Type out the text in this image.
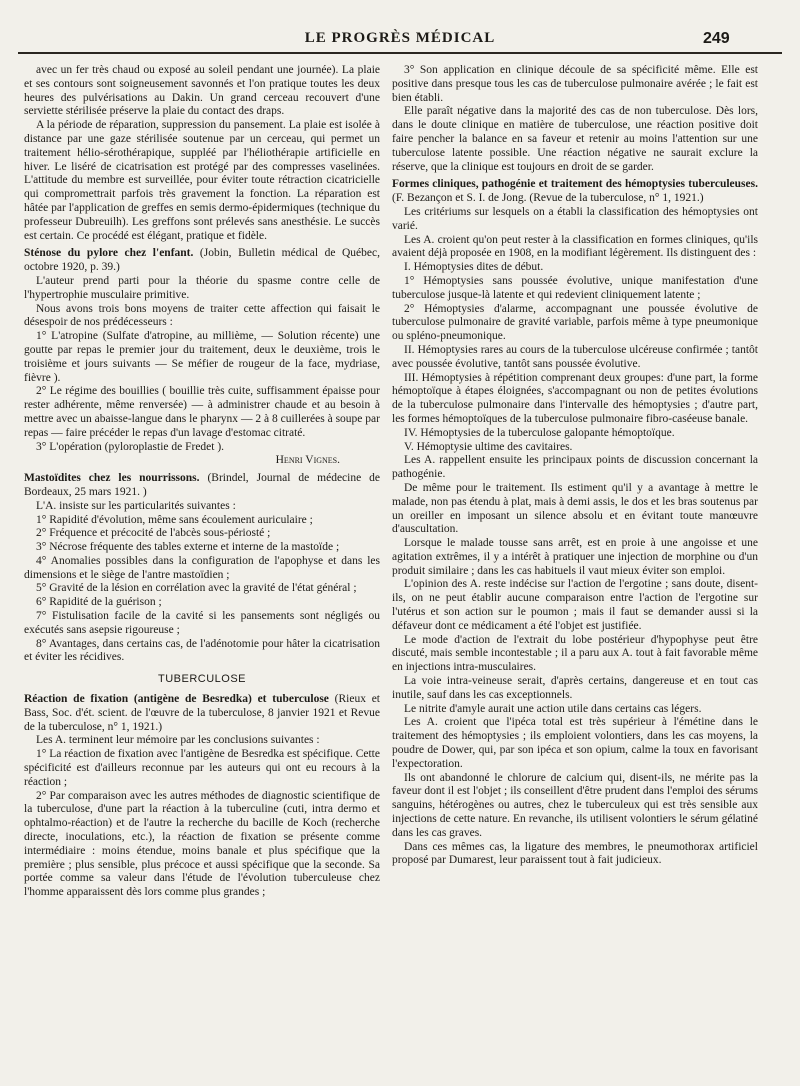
LE PROGRÈS MÉDICAL	249

avec un fer très chaud ou exposé au soleil pendant une journée). La plaie et ses contours sont soigneusement savonnés et l'on pratique toutes les deux heures des pulvérisations au Dakin. Un grand cerceau recouvert d'une serviette stérilisée préserve la plaie du contact des draps.

A la période de réparation, suppression du pansement. La plaie est isolée à distance par une gaze stérilisée soutenue par un cerceau, qui permet un traitement hélio-sérothérapique, suppléé par l'héliothérapie artificielle en hiver. Le liséré de cicatrisation est protégé par des compresses vaselinées. L'attitude du membre est surveillée, pour éviter toute rétraction cicatricielle qui compromettrait parfois très gravement la fonction. La réparation est hâtée par l'application de greffes en semis dermo-épidermiques (technique du professeur Dubreuilh). Les greffons sont prélevés sans anesthésie. Le succès est certain. Ce procédé est élégant, pratique et fidèle.

Sténose du pylore chez l'enfant. (Jobin, Bulletin médical de Québec, octobre 1920, p. 39.)

L'auteur prend parti pour la théorie du spasme contre celle de l'hypertrophie musculaire primitive.

Nous avons trois bons moyens de traiter cette affection qui faisait le désespoir de nos prédécesseurs :

1° L'atropine (Sulfate d'atropine, au millième, — Solution récente) une goutte par repas le premier jour du traitement, deux le deuxième, trois le troisième et jours suivants — Se méfier de rougeur de la face, mydriase, fièvre ).

2° Le régime des bouillies ( bouillie très cuite, suffisamment épaisse pour rester adhérente, même renversée) — à administrer chaude et au besoin à mettre avec un abaisse-langue dans le pharynx — 2 à 8 cuillerées à soupe par repas — faire précéder le repas d'un lavage d'estomac citraté.

3° L'opération (pyloroplastie de Fredet ).

Henri Vignes.

Mastoïdites chez les nourrissons. (Brindel, Journal de médecine de Bordeaux, 25 mars 1921. )

L'A. insiste sur les particularités suivantes :

1° Rapidité d'évolution, même sans écoulement auriculaire ;

2° Fréquence et précocité de l'abcès sous-périosté ;

3° Nécrose fréquente des tables externe et interne de la mastoïde ;

4° Anomalies possibles dans la configuration de l'apophyse et dans les dimensions et le siège de l'antre mastoïdien ;

5° Gravité de la lésion en corrélation avec la gravité de l'état général ;

6° Rapidité de la guérison ;

7° Fistulisation facile de la cavité si les pansements sont négligés ou exécutés sans asepsie rigoureuse ;

8° Avantages, dans certains cas, de l'adénotomie pour hâter la cicatrisation et éviter les récidives.

TUBERCULOSE

Réaction de fixation (antigène de Besredka) et tuberculose (Rieux et Bass, Soc. d'ét. scient. de l'œuvre de la tuberculose, 8 janvier 1921 et Revue de la tuberculose, n° 1, 1921.)

Les A. terminent leur mémoire par les conclusions suivantes :

1° La réaction de fixation avec l'antigène de Besredka est spécifique. Cette spécificité est d'ailleurs reconnue par les auteurs qui ont eu recours à la réaction ;

2° Par comparaison avec les autres méthodes de diagnostic scientifique de la tuberculose, d'une part la réaction à la tuberculine (cuti, intra dermo et ophtalmo-réaction) et de l'autre la recherche du bacille de Koch (recherche directe, inoculations, etc.), la réaction de fixation se présente comme intermédiaire : moins étendue, moins banale et plus spécifique que la première ; plus sensible, plus précoce et aussi spécifique que la seconde. Sa portée comme sa valeur dans l'étude de l'évolution tuberculeuse chez l'homme apparaissent dès lors comme plus grandes ;

3° Son application en clinique découle de sa spécificité même. Elle est positive dans presque tous les cas de tuberculose pulmonaire avérée ; le fait est bien établi.

Elle paraît négative dans la majorité des cas de non tuberculose. Dès lors, dans le doute clinique en matière de tuberculose, une réaction positive doit faire pencher la balance en sa faveur et retenir au moins l'attention sur une tuberculose latente possible. Une réaction négative ne saurait exclure la réserve, que la clinique est toujours en droit de se garder.

Formes cliniques, pathogénie et traitement des hémoptysies tuberculeuses. (F. Bezançon et S. I. de Jong. (Revue de la tuberculose, n° 1, 1921.)

Les critériums sur lesquels on a établi la classification des hémoptysies ont varié.

Les A. croient qu'on peut rester à la classification en formes cliniques, qu'ils avaient déjà proposée en 1908, en la modifiant légèrement. Ils distinguent des :

I. Hémoptysies dites de début.

1° Hémoptysies sans poussée évolutive, unique manifestation d'une tuberculose jusque-là latente et qui redevient cliniquement latente ;

2° Hémoptysies d'alarme, accompagnant une poussée évolutive de tuberculose pulmonaire de gravité variable, parfois même à type pneumonique ou spléno-pneumonique.

II. Hémoptysies rares au cours de la tuberculose ulcéreuse confirmée ; tantôt avec poussée évolutive, tantôt sans poussée évolutive.

III. Hémoptysies à répétition comprenant deux groupes: d'une part, la forme hémoptoïque à étapes éloignées, s'accompagnant ou non de petites évolutions de la tuberculose pulmonaire dans l'intervalle des hémoptysies ; d'autre part, les formes hémoptoïques de la tuberculose pulmonaire fibro-caséeuse banale.

IV. Hémoptysies de la tuberculose galopante hémoptoïque.

V. Hémoptysie ultime des cavitaires.

Les A. rappellent ensuite les principaux points de discussion concernant la pathogénie.

De même pour le traitement. Ils estiment qu'il y a avantage à mettre le malade, non pas étendu à plat, mais à demi assis, le dos et les bras soutenus par un oreiller en imposant un silence absolu et en évitant toute manœuvre d'auscultation.

Lorsque le malade tousse sans arrêt, est en proie à une angoisse et une agitation extrêmes, il y a intérêt à pratiquer une injection de morphine ou d'un produit similaire ; dans les cas habituels il vaut mieux éviter son emploi.

L'opinion des A. reste indécise sur l'action de l'ergotine ; sans doute, disent-ils, on ne peut établir aucune comparaison entre l'action de l'ergotine sur l'utérus et son action sur le poumon ; mais il faut se demander aussi si la défaveur dont ce médicament a été l'objet est justifiée.

Le mode d'action de l'extrait du lobe postérieur d'hypophyse peut être discuté, mais semble incontestable ; il a paru aux A. tout à fait favorable même en injections intra-musculaires.

La voie intra-veineuse serait, d'après certains, dangereuse et en tout cas inutile, sauf dans les cas exceptionnels.

Le nitrite d'amyle aurait une action utile dans certains cas légers.

Les A. croient que l'ipéca total est très supérieur à l'émétine dans le traitement des hémoptysies ; ils emploient volontiers, dans les cas moyens, la poudre de Dower, qui, par son ipéca et son opium, calme la toux en favorisant l'expectoration.

Ils ont abandonné le chlorure de calcium qui, disent-ils, ne mérite pas la faveur dont il est l'objet ; ils conseillent d'être prudent dans l'emploi des sérums sanguins, hétérogènes ou autres, chez le tuberculeux qui est très sensible aux injections de cette nature. En revanche, ils utilisent volontiers le sérum gélatiné dans les cas graves.

Dans ces mêmes cas, la ligature des membres, le pneumothorax artificiel proposé par Dumarest, leur paraissent tout à fait judicieux.
